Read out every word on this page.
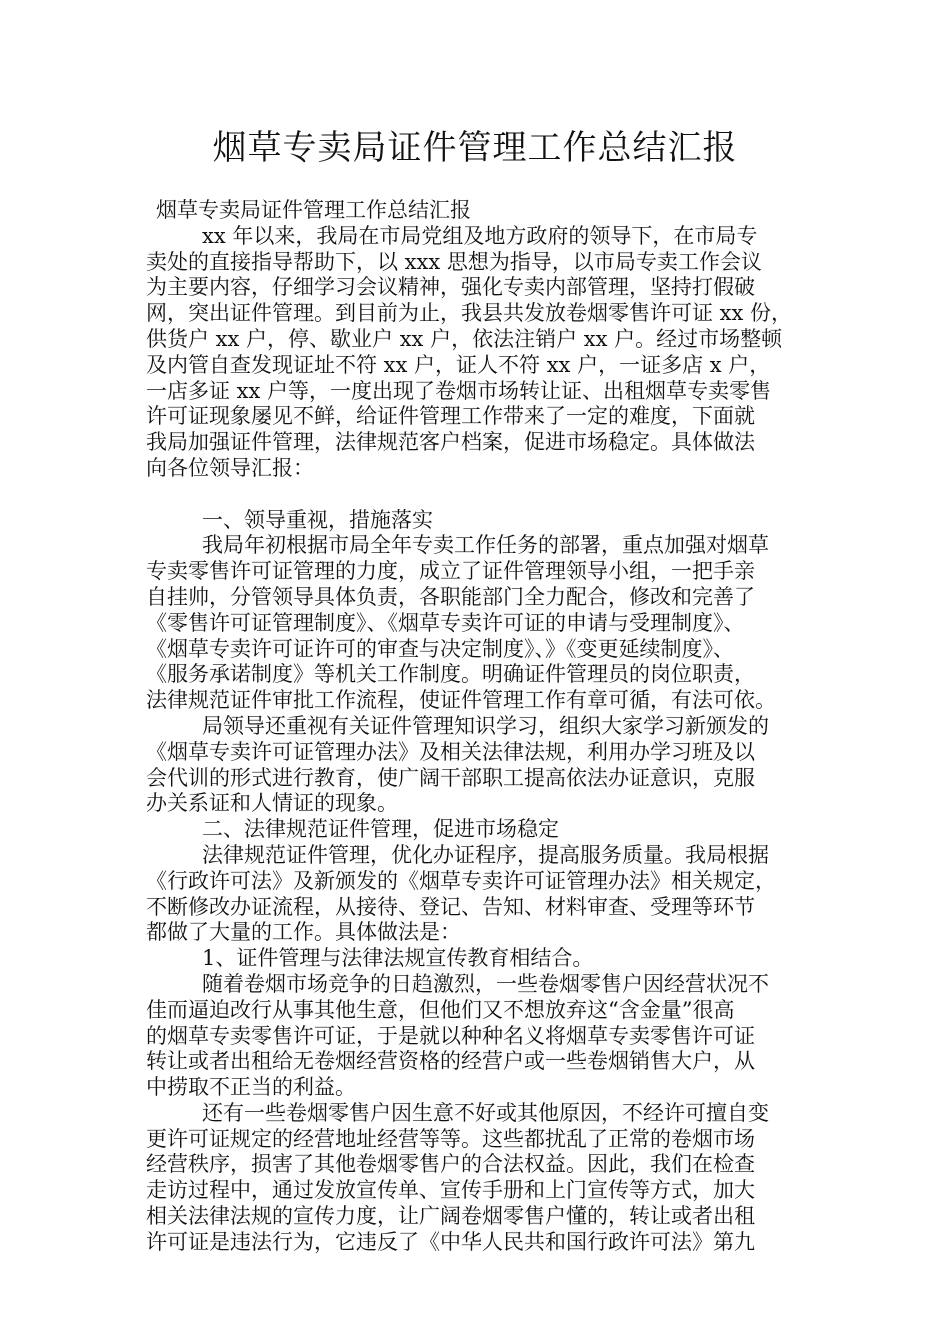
烟草专卖局证件管理工作总结汇报
烟草专卖局证件管理工作总结汇报
xx 年以来，我局在市局党组及地方政府的领导下，在市局专
卖处的直接指导帮助下，以 xxx 思想为指导，以市局专卖工作会议
为主要内容，仔细学习会议精神，强化专卖内部管理，坚持打假破
网，突出证件管理。到目前为止，我县共发放卷烟零售许可证 xx 份，
供货户 xx 户，停、歇业户 xx 户，依法注销户 xx 户。经过市场整顿
及内管自查发现证址不符 xx 户，证人不符 xx 户，一证多店 x 户，
一店多证 xx 户等，一度出现了卷烟市场转让证、出租烟草专卖零售
许可证现象屡见不鲜，给证件管理工作带来了一定的难度，下面就
我局加强证件管理，法律规范客户档案，促进市场稳定。具体做法
向各位领导汇报：
一、领导重视，措施落实
我局年初根据市局全年专卖工作任务的部署，重点加强对烟草
专卖零售许可证管理的力度，成立了证件管理领导小组，一把手亲
自挂帅，分管领导具体负责，各职能部门全力配合，修改和完善了
《零售许可证管理制度》、《烟草专卖许可证的申请与受理制度》、
《烟草专卖许可证许可的审查与决定制度》、》《变更延续制度》、
《服务承诺制度》等机关工作制度。明确证件管理员的岗位职责，
法律规范证件审批工作流程，使证件管理工作有章可循，有法可依。
局领导还重视有关证件管理知识学习，组织大家学习新颁发的
《烟草专卖许可证管理办法》及相关法律法规，利用办学习班及以
会代训的形式进行教育，使广阔干部职工提高依法办证意识，克服
办关系证和人情证的现象。
二、法律规范证件管理，促进市场稳定
法律规范证件管理，优化办证程序，提高服务质量。我局根据
《行政许可法》及新颁发的《烟草专卖许可证管理办法》相关规定，
不断修改办证流程，从接待、登记、告知、材料审查、受理等环节
都做了大量的工作。具体做法是：
1、证件管理与法律法规宣传教育相结合。
随着卷烟市场竞争的日趋激烈，一些卷烟零售户因经营状况不
佳而逼迫改行从事其他生意，但他们又不想放弃这“含金量”很高
的烟草专卖零售许可证，于是就以种种名义将烟草专卖零售许可证
转让或者出租给无卷烟经营资格的经营户或一些卷烟销售大户，从
中捞取不正当的利益。
还有一些卷烟零售户因生意不好或其他原因，不经许可擅自变
更许可证规定的经营地址经营等等。这些都扰乱了正常的卷烟市场
经营秩序，损害了其他卷烟零售户的合法权益。因此，我们在检查
走访过程中，通过发放宣传单、宣传手册和上门宣传等方式，加大
相关法律法规的宣传力度，让广阔卷烟零售户懂的，转让或者出租
许可证是违法行为，它违反了《中华人民共和国行政许可法》第九
